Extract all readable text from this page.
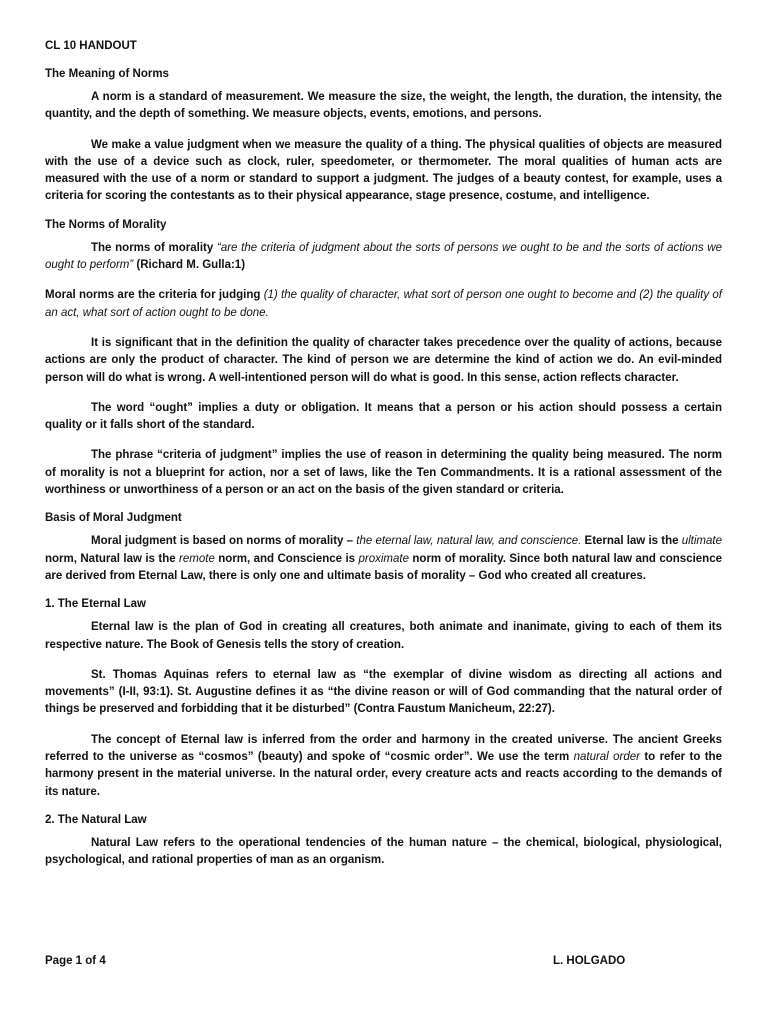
CL 10 HANDOUT
The Meaning of Norms

A norm is a standard of measurement. We measure the size, the weight, the length, the duration, the intensity, the quantity, and the depth of something. We measure objects, events, emotions, and persons.

We make a value judgment when we measure the quality of a thing. The physical qualities of objects are measured with the use of a device such as clock, ruler, speedometer, or thermometer. The moral qualities of human acts are measured with the use of a norm or standard to support a judgment. The judges of a beauty contest, for example, uses a criteria for scoring the contestants as to their physical appearance, stage presence, costume, and intelligence.

The Norms of Morality

The norms of morality “are the criteria of judgment about the sorts of persons we ought to be and the sorts of actions we ought to perform” (Richard M. Gulla:1)

Moral norms are the criteria for judging (1) the quality of character, what sort of person one ought to become and (2) the quality of an act, what sort of action ought to be done.

It is significant that in the definition the quality of character takes precedence over the quality of actions, because actions are only the product of character. The kind of person we are determine the kind of action we do. An evil-minded person will do what is wrong. A well-intentioned person will do what is good. In this sense, action reflects character.

The word “ought” implies a duty or obligation. It means that a person or his action should possess a certain quality or it falls short of the standard.

The phrase “criteria of judgment” implies the use of reason in determining the quality being measured. The norm of morality is not a blueprint for action, nor a set of laws, like the Ten Commandments. It is a rational assessment of the worthiness or unworthiness of a person or an act on the basis of the given standard or criteria.

Basis of Moral Judgment

Moral judgment is based on norms of morality – the eternal law, natural law, and conscience. Eternal law is the ultimate norm, Natural law is the remote norm, and Conscience is proximate norm of morality. Since both natural law and conscience are derived from Eternal Law, there is only one and ultimate basis of morality – God who created all creatures.

1. The Eternal Law

Eternal law is the plan of God in creating all creatures, both animate and inanimate, giving to each of them its respective nature. The Book of Genesis tells the story of creation.

St. Thomas Aquinas refers to eternal law as “the exemplar of divine wisdom as directing all actions and movements” (I-II, 93:1). St. Augustine defines it as “the divine reason or will of God commanding that the natural order of things be preserved and forbidding that it be disturbed” (Contra Faustum Manicheum, 22:27).

The concept of Eternal law is inferred from the order and harmony in the created universe. The ancient Greeks referred to the universe as “cosmos” (beauty) and spoke of “cosmic order”. We use the term natural order to refer to the harmony present in the material universe. In the natural order, every creature acts and reacts according to the demands of its nature.

2. The Natural Law

Natural Law refers to the operational tendencies of the human nature – the chemical, biological, physiological, psychological, and rational properties of man as an organism.

Page 1 of 4	L. HOLGADO
